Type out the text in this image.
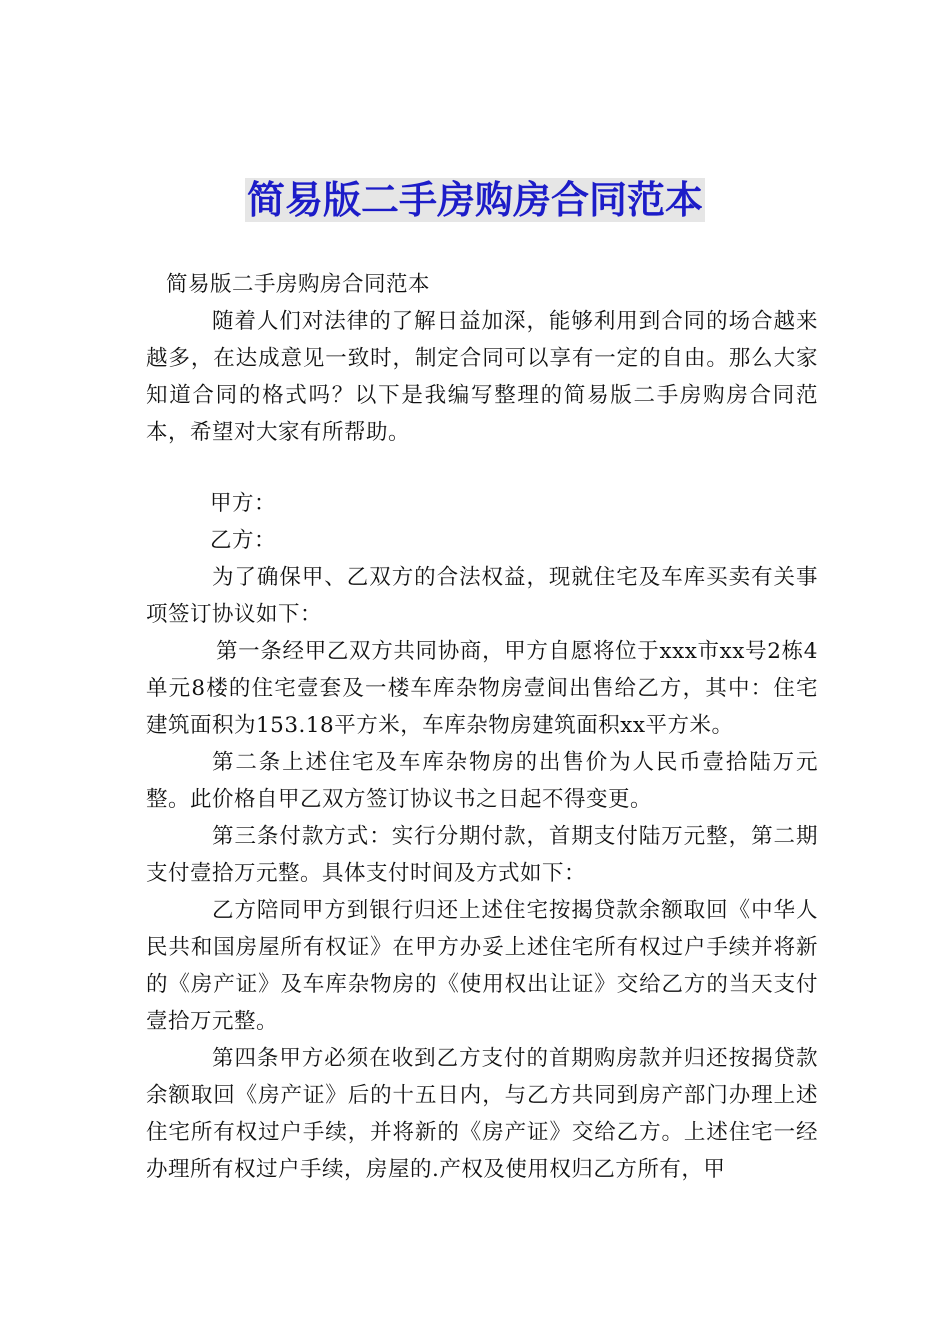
简易版二手房购房合同范本

简易版二手房购房合同范本

随着人们对法律的了解日益加深，能够利用到合同的场合越来越多，在达成意见一致时，制定合同可以享有一定的自由。那么大家知道合同的格式吗？以下是我编写整理的简易版二手房购房合同范本，希望对大家有所帮助。

甲方：

乙方：

为了确保甲、乙双方的合法权益，现就住宅及车库买卖有关事项签订协议如下：

第一条经甲乙双方共同协商，甲方自愿将位于xxx市xx号2栋4单元8楼的住宅壹套及一楼车库杂物房壹间出售给乙方，其中：住宅建筑面积为153.18平方米，车库杂物房建筑面积xx平方米。

第二条上述住宅及车库杂物房的出售价为人民币壹拾陆万元整。此价格自甲乙双方签订协议书之日起不得变更。

第三条付款方式：实行分期付款，首期支付陆万元整，第二期支付壹拾万元整。具体支付时间及方式如下：

乙方陪同甲方到银行归还上述住宅按揭贷款余额取回《中华人民共和国房屋所有权证》在甲方办妥上述住宅所有权过户手续并将新的《房产证》及车库杂物房的《使用权出让证》交给乙方的当天支付壹拾万元整。

第四条甲方必须在收到乙方支付的首期购房款并归还按揭贷款余额取回《房产证》后的十五日内，与乙方共同到房产部门办理上述住宅所有权过户手续，并将新的《房产证》交给乙方。上述住宅一经办理所有权过户手续，房屋的.产权及使用权归乙方所有，甲
